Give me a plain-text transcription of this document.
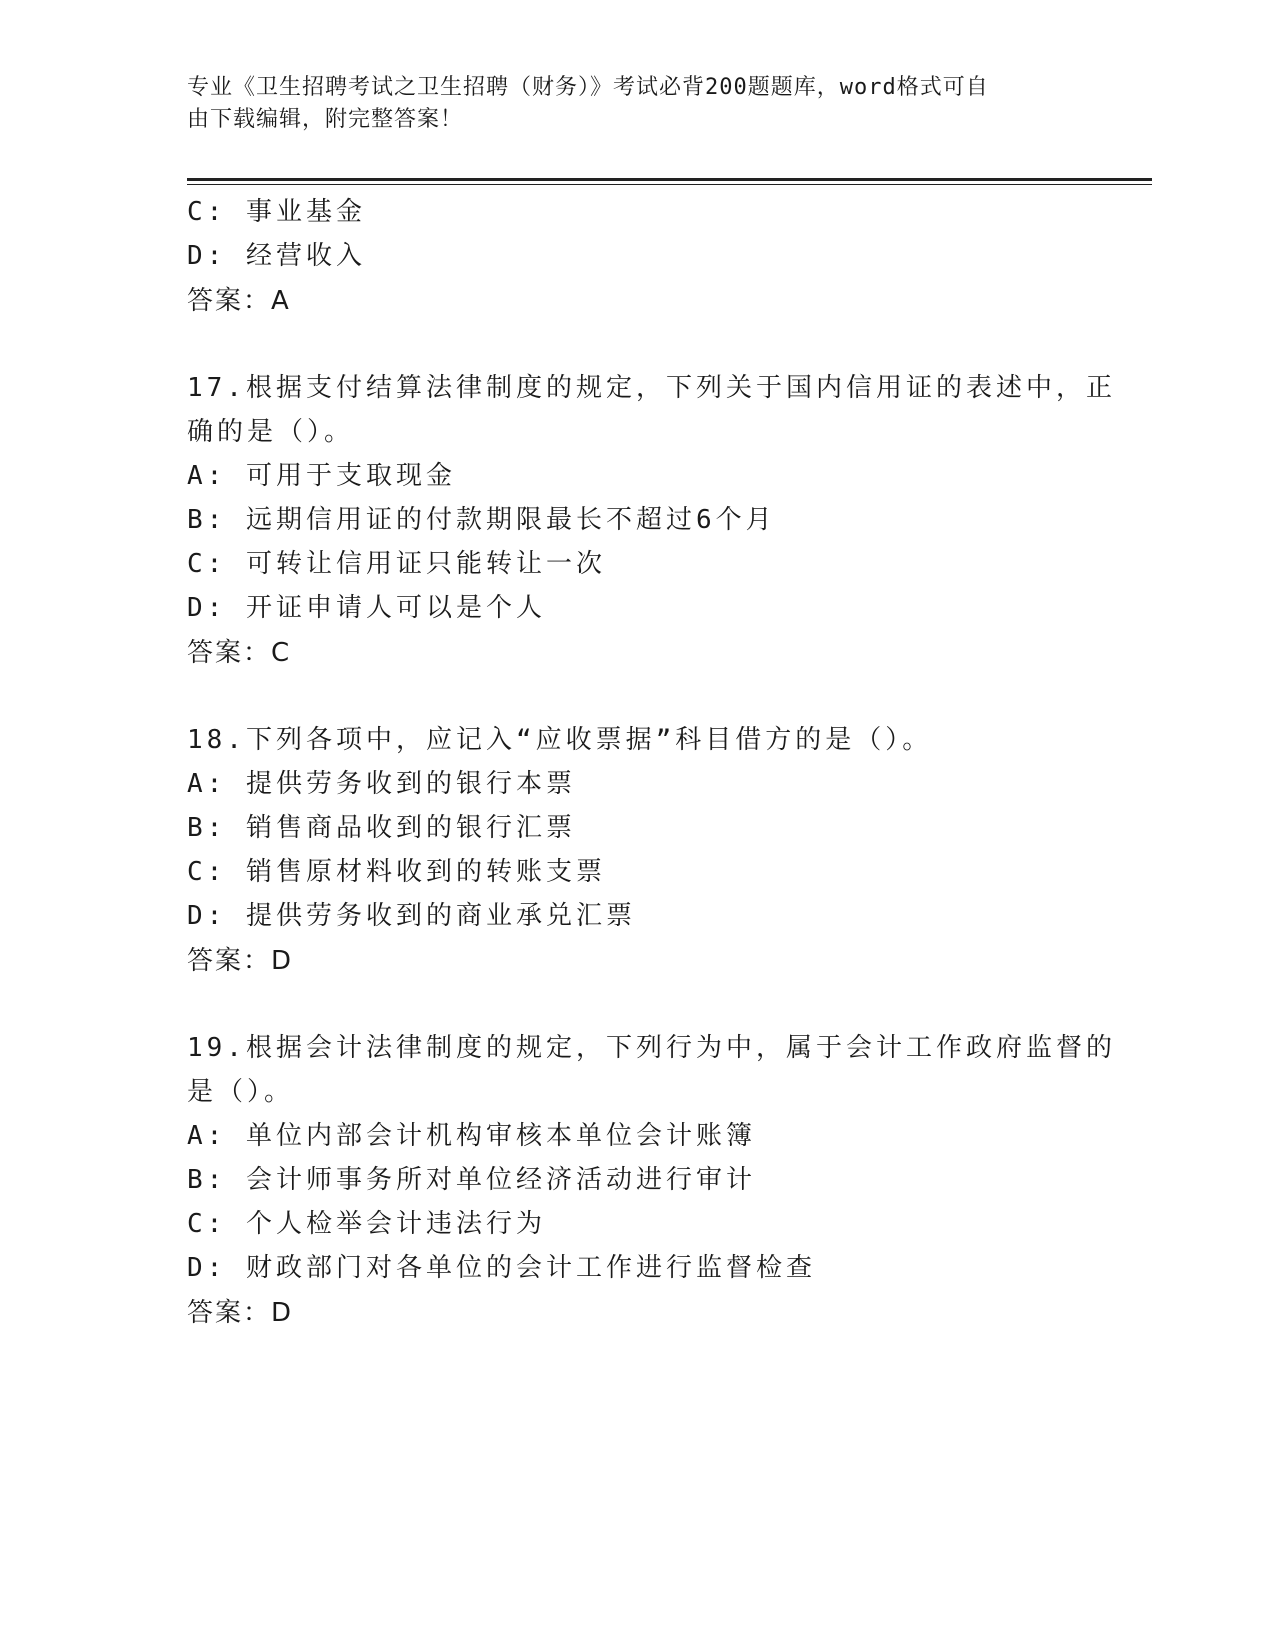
专业《卫生招聘考试之卫生招聘（财务）》考试必背200题题库，word格式可自
由下载编辑，附完整答案！
C: 事业基金
D: 经营收入
答案：A
17.根据支付结算法律制度的规定，下列关于国内信用证的表述中，正
确的是（）。
A: 可用于支取现金
B: 远期信用证的付款期限最长不超过6个月
C: 可转让信用证只能转让一次
D: 开证申请人可以是个人
答案：C
18.下列各项中，应记入“应收票据”科目借方的是（）。
A: 提供劳务收到的银行本票
B: 销售商品收到的银行汇票
C: 销售原材料收到的转账支票
D: 提供劳务收到的商业承兑汇票
答案：D
19.根据会计法律制度的规定，下列行为中，属于会计工作政府监督的
是（）。
A: 单位内部会计机构审核本单位会计账簿
B: 会计师事务所对单位经济活动进行审计
C: 个人检举会计违法行为
D: 财政部门对各单位的会计工作进行监督检查
答案：D
